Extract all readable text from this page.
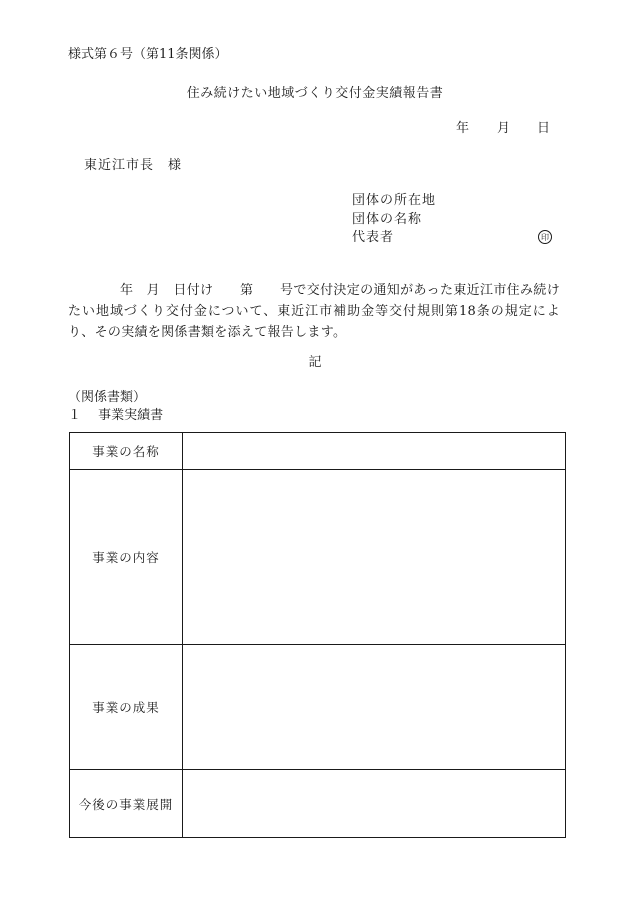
様式第６号（第11条関係）
住み続けたい地域づくり交付金実績報告書
年 月 日
東近江市長　様
団体の所在地
団体の名称
代表者	印
年　月　日付け　　第　　号で交付決定の通知があった東近江市住み続けたい地域づくり交付金について、東近江市補助金等交付規則第18条の規定により、その実績を関係書類を添えて報告します。
記
（関係書類）
１　 事業実績書
事業の名称	
事業の内容	
事業の成果	
今後の事業展開	
